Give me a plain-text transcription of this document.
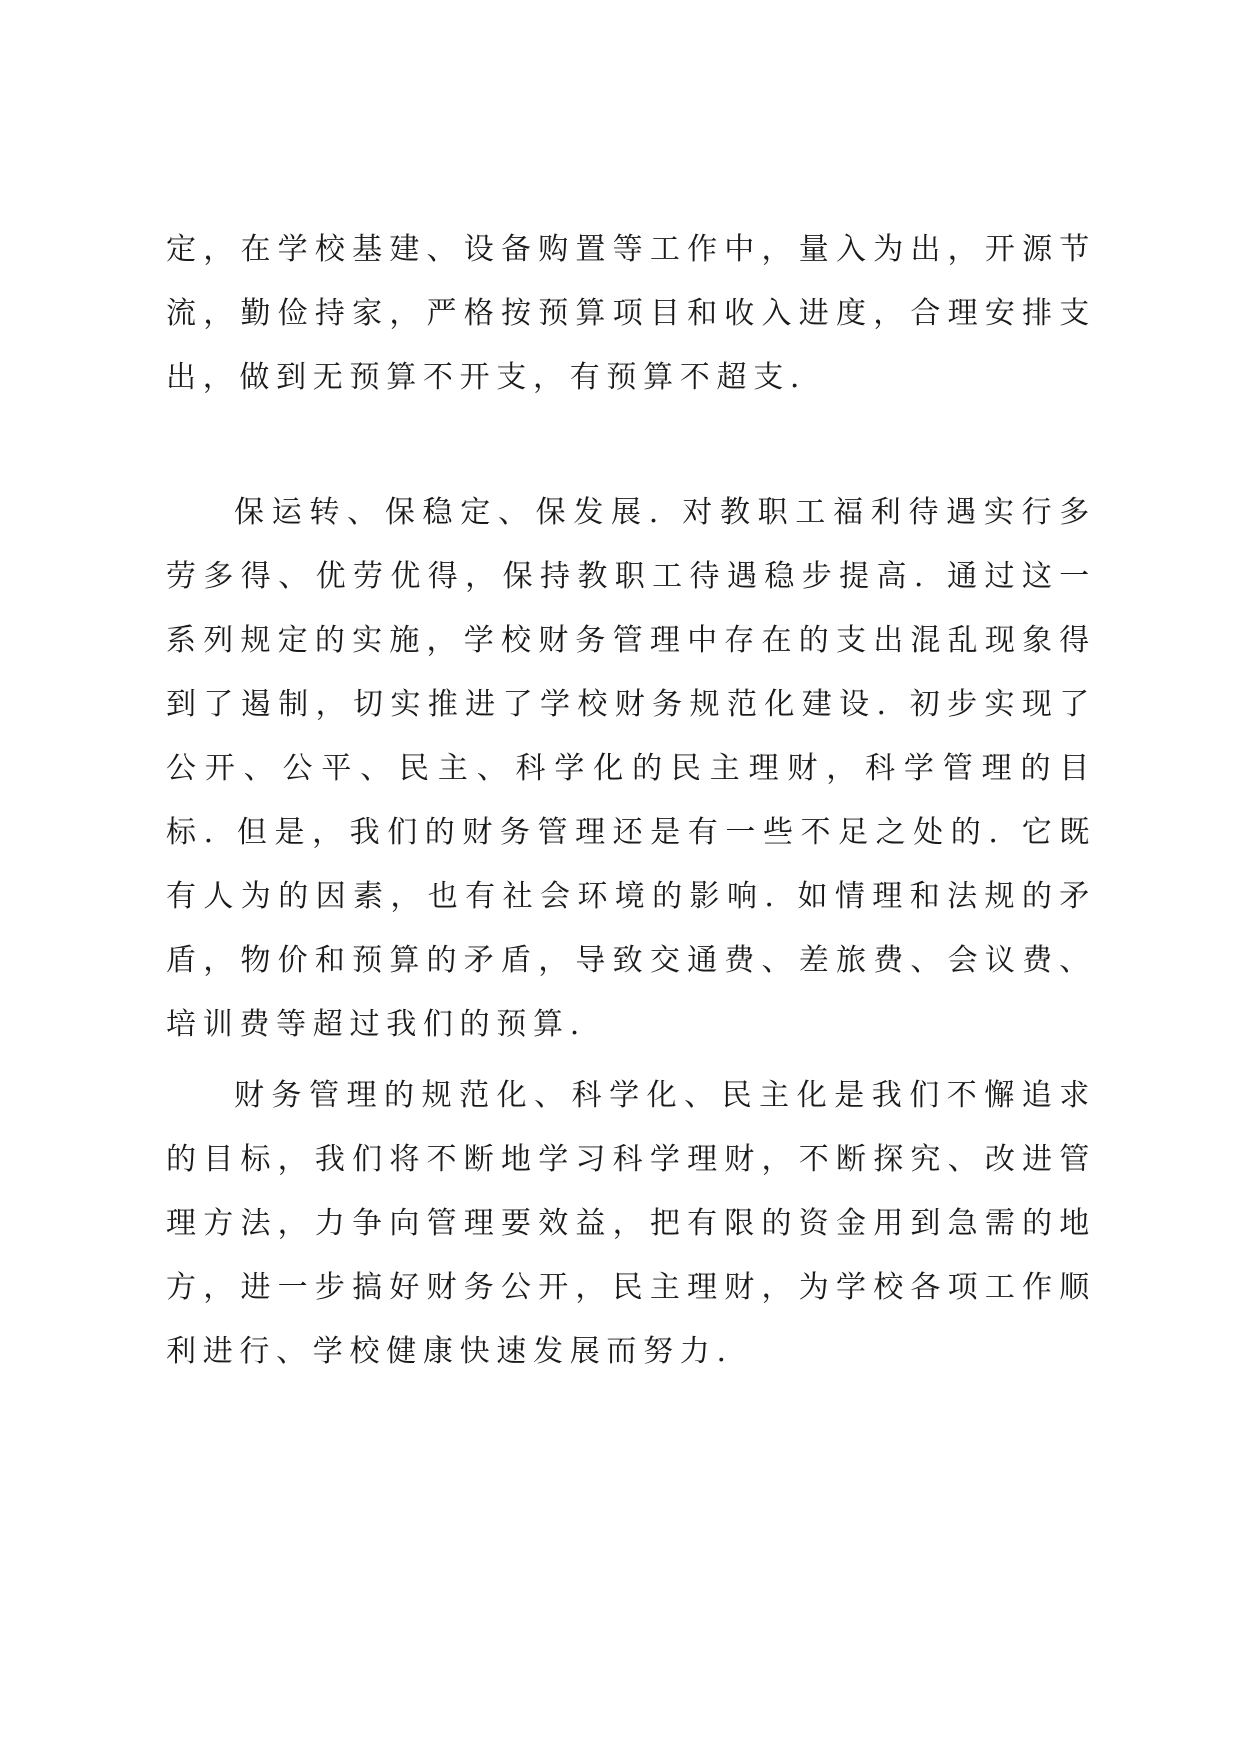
定，在学校基建、设备购置等工作中，量入为出，开源节流，勤俭持家，严格按预算项目和收入进度，合理安排支出，做到无预算不开支，有预算不超支.

保运转、保稳定、保发展. 对教职工福利待遇实行多劳多得、优劳优得，保持教职工待遇稳步提高. 通过这一系列规定的实施，学校财务管理中存在的支出混乱现象得到了遏制，切实推进了学校财务规范化建设. 初步实现了公开、公平、民主、科学化的民主理财，科学管理的目标. 但是，我们的财务管理还是有一些不足之处的. 它既有人为的因素，也有社会环境的影响. 如情理和法规的矛盾，物价和预算的矛盾，导致交通费、差旅费、会议费、培训费等超过我们的预算.

财务管理的规范化、科学化、民主化是我们不懈追求的目标，我们将不断地学习科学理财，不断探究、改进管理方法，力争向管理要效益，把有限的资金用到急需的地方，进一步搞好财务公开，民主理财，为学校各项工作顺利进行、学校健康快速发展而努力.
